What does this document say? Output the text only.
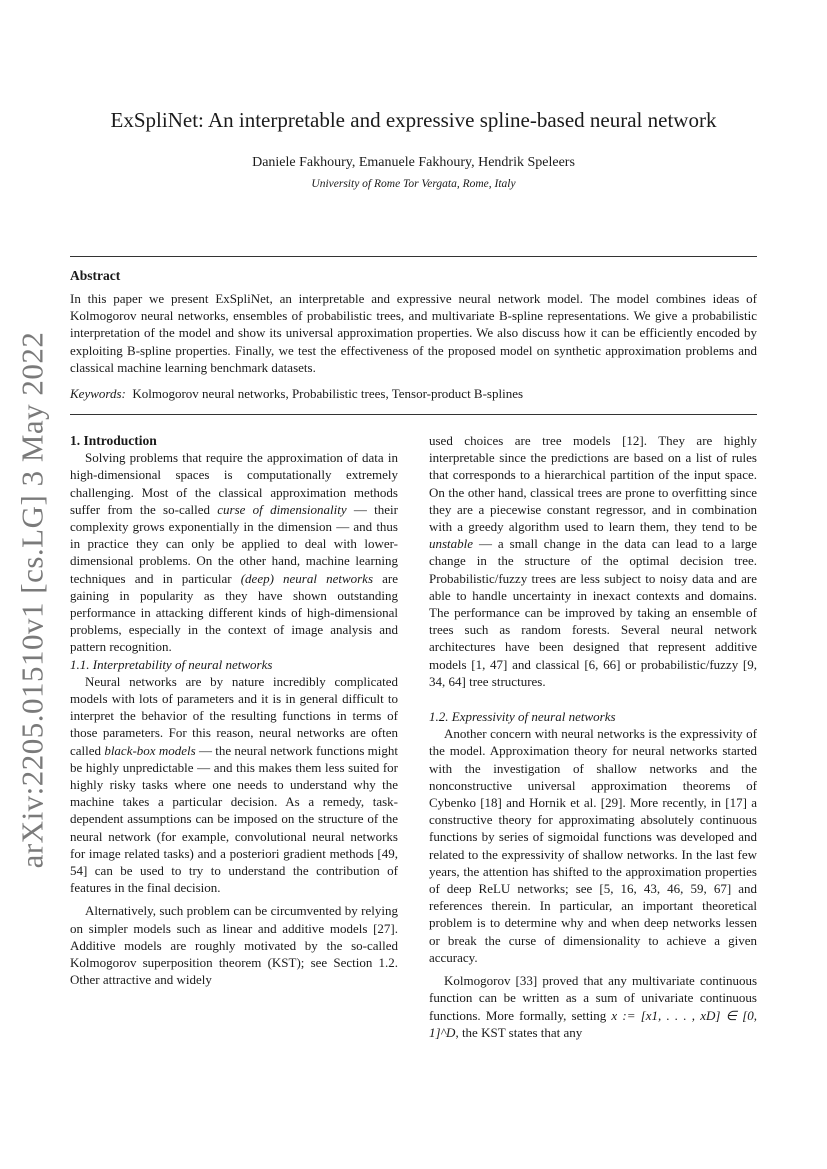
arXiv:2205.01510v1 [cs.LG] 3 May 2022
ExSpliNet: An interpretable and expressive spline-based neural network
Daniele Fakhoury, Emanuele Fakhoury, Hendrik Speleers
University of Rome Tor Vergata, Rome, Italy
Abstract

In this paper we present ExSpliNet, an interpretable and expressive neural network model. The model combines ideas of Kolmogorov neural networks, ensembles of probabilistic trees, and multivariate B-spline representations. We give a probabilistic interpretation of the model and show its universal approximation properties. We also discuss how it can be efficiently encoded by exploiting B-spline properties. Finally, we test the effectiveness of the proposed model on synthetic approximation problems and classical machine learning benchmark datasets.

Keywords: Kolmogorov neural networks, Probabilistic trees, Tensor-product B-splines

1. Introduction

Solving problems that require the approximation of data in high-dimensional spaces is computationally extremely challenging. Most of the classical approximation methods suffer from the so-called curse of dimensionality — their complexity grows exponentially in the dimension — and thus in practice they can only be applied to deal with lower-dimensional problems. On the other hand, machine learning techniques and in particular (deep) neural networks are gaining in popularity as they have shown outstanding performance in attacking different kinds of high-dimensional problems, especially in the context of image analysis and pattern recognition.

1.1. Interpretability of neural networks

Neural networks are by nature incredibly complicated models with lots of parameters and it is in general difficult to interpret the behavior of the resulting functions in terms of those parameters. For this reason, neural networks are often called black-box models — the neural network functions might be highly unpredictable — and this makes them less suited for highly risky tasks where one needs to understand why the machine takes a particular decision. As a remedy, task-dependent assumptions can be imposed on the structure of the neural network (for example, convolutional neural networks for image related tasks) and a posteriori gradient methods [49, 54] can be used to try to understand the contribution of features in the final decision.

Alternatively, such problem can be circumvented by relying on simpler models such as linear and additive models [27]. Additive models are roughly motivated by the so-called Kolmogorov superposition theorem (KST); see Section 1.2. Other attractive and widely

used choices are tree models [12]. They are highly interpretable since the predictions are based on a list of rules that corresponds to a hierarchical partition of the input space. On the other hand, classical trees are prone to overfitting since they are a piecewise constant regressor, and in combination with a greedy algorithm used to learn them, they tend to be unstable — a small change in the data can lead to a large change in the structure of the optimal decision tree. Probabilistic/fuzzy trees are less subject to noisy data and are able to handle uncertainty in inexact contexts and domains. The performance can be improved by taking an ensemble of trees such as random forests. Several neural network architectures have been designed that represent additive models [1, 47] and classical [6, 66] or probabilistic/fuzzy [9, 34, 64] tree structures.

1.2. Expressivity of neural networks

Another concern with neural networks is the expressivity of the model. Approximation theory for neural networks started with the investigation of shallow networks and the nonconstructive universal approximation theorems of Cybenko [18] and Hornik et al. [29]. More recently, in [17] a constructive theory for approximating absolutely continuous functions by series of sigmoidal functions was developed and related to the expressivity of shallow networks. In the last few years, the attention has shifted to the approximation properties of deep ReLU networks; see [5, 16, 43, 46, 59, 67] and references therein. In particular, an important theoretical problem is to determine why and when deep networks lessen or break the curse of dimensionality to achieve a given accuracy.

Kolmogorov [33] proved that any multivariate continuous function can be written as a sum of univariate continuous functions. More formally, setting x := [x1, . . . , xD] ∈ [0, 1]^D, the KST states that any
